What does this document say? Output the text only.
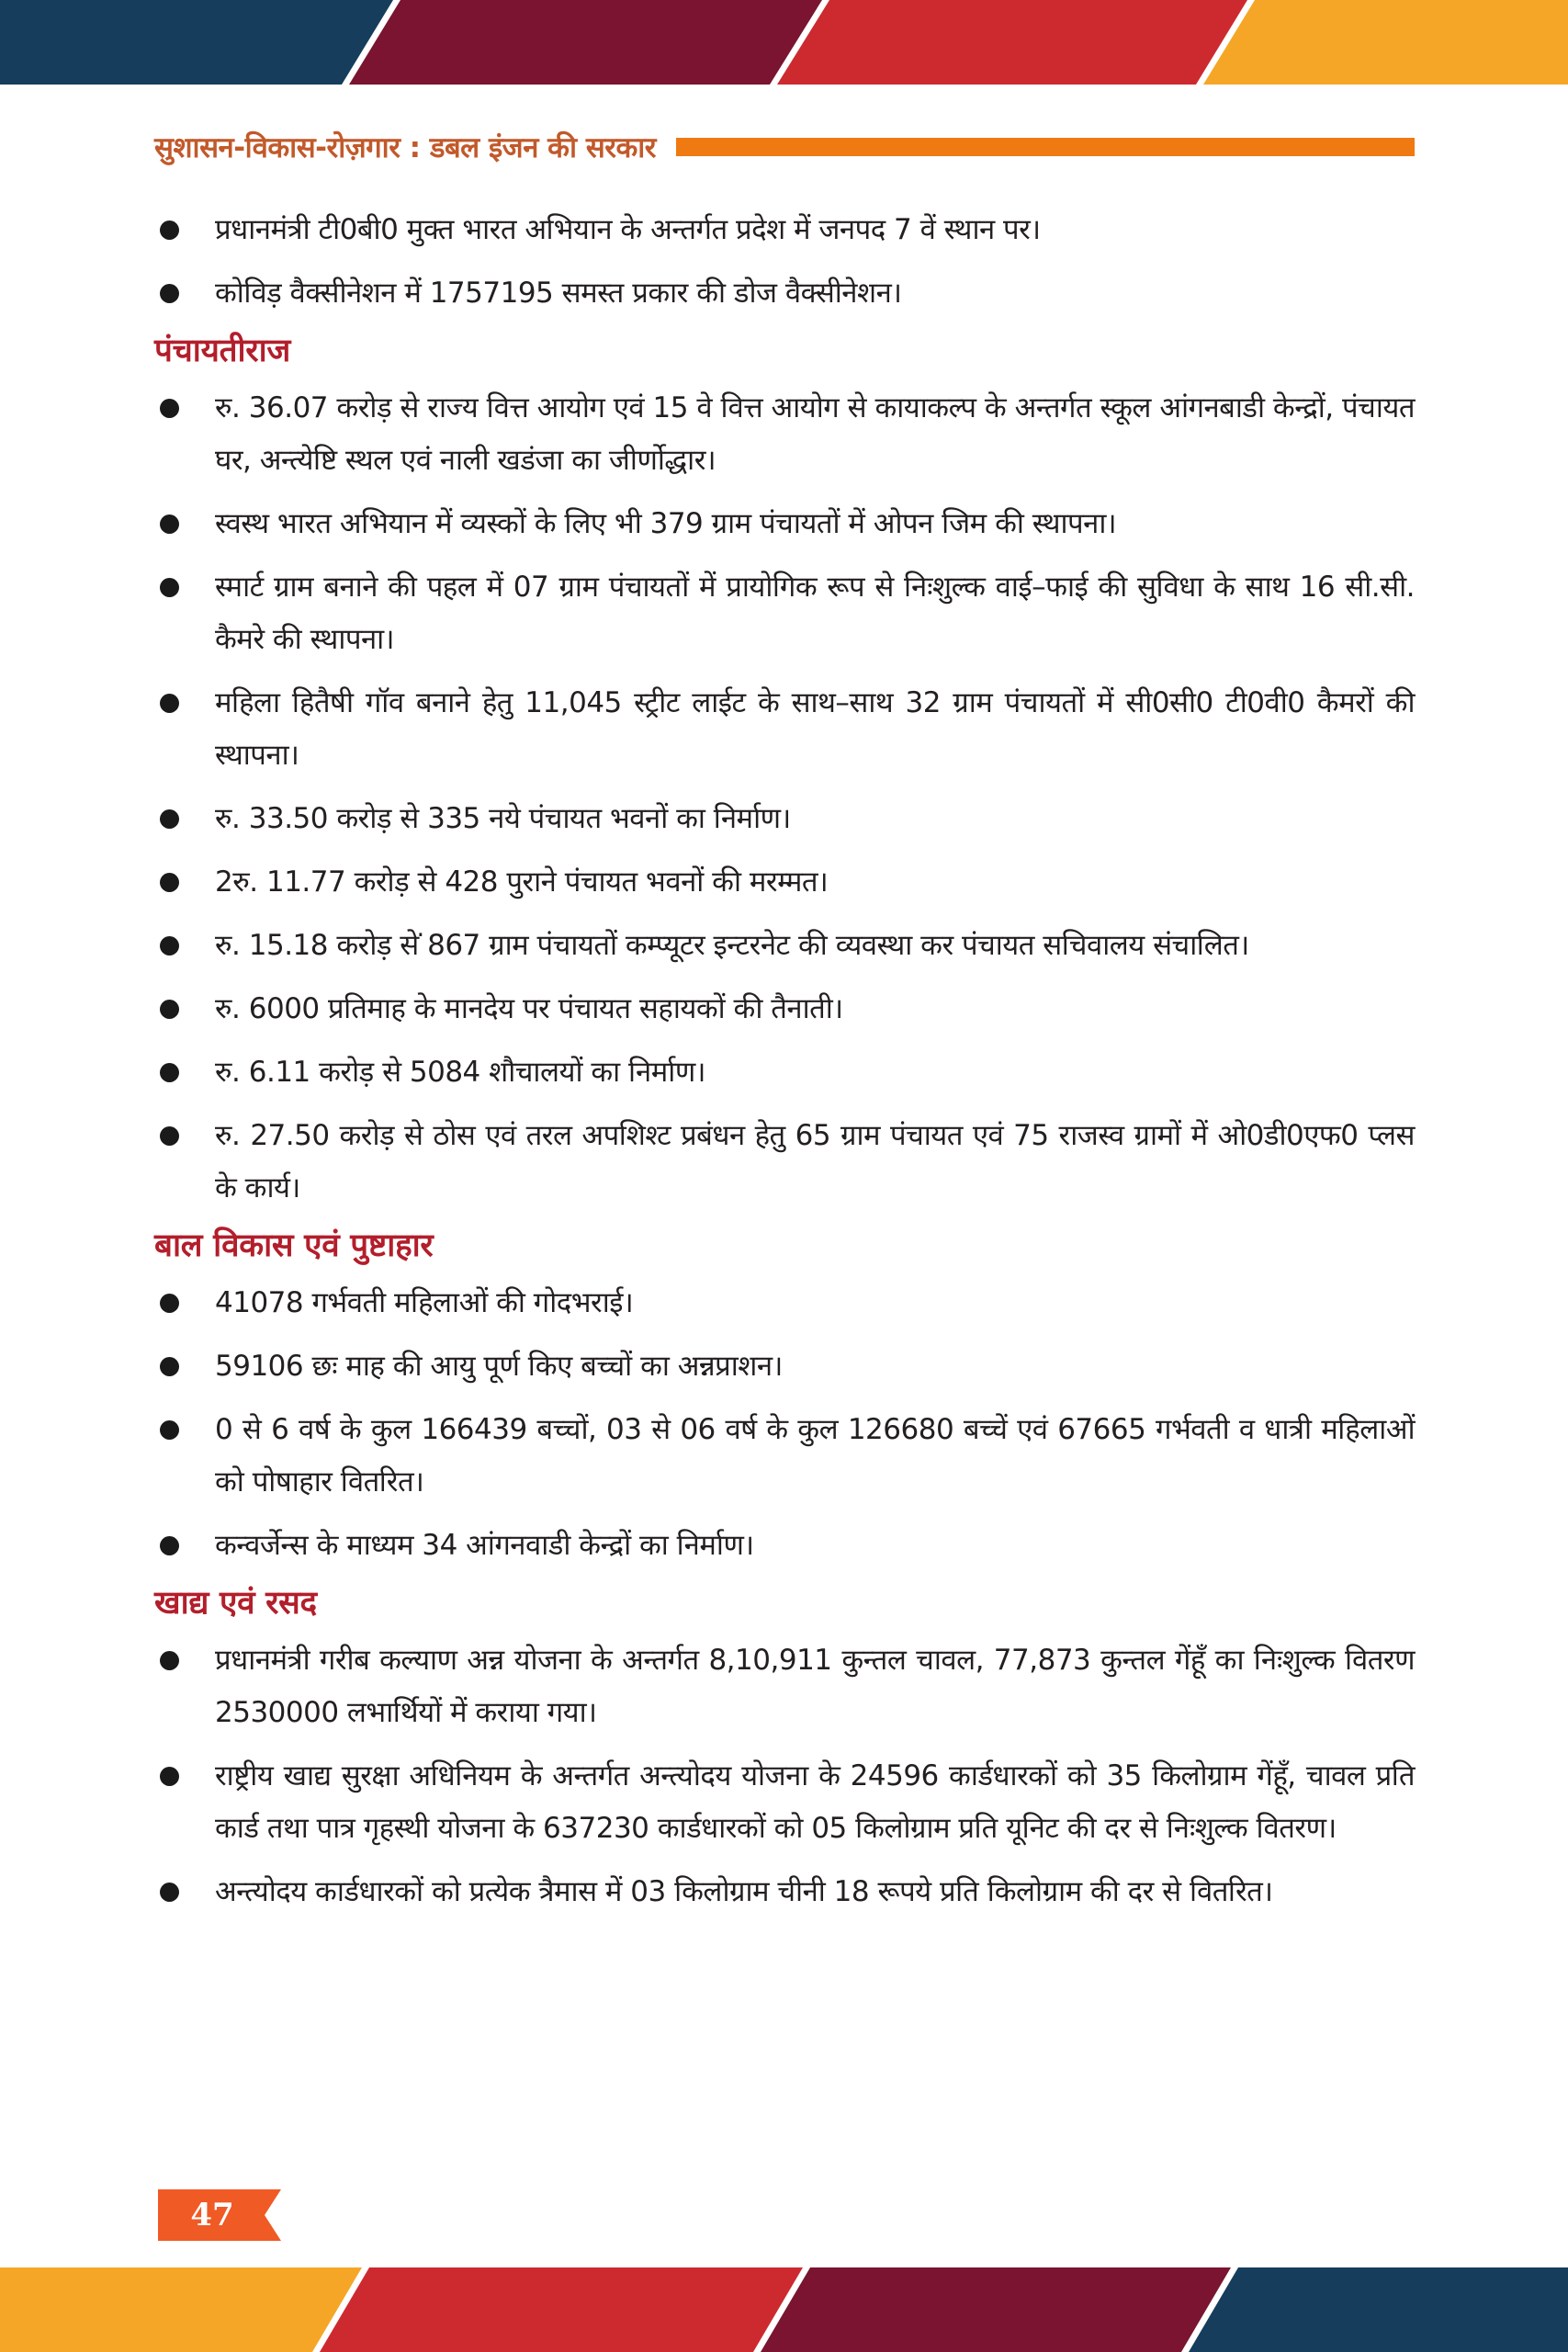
सुशासन-विकास-रोज़गार : डबल इंजन की सरकार
प्रधानमंत्री टी0बी0 मुक्त भारत अभियान के अन्तर्गत प्रदेश में जनपद 7 वें स्थान पर।
कोविड़ वैक्सीनेशन में 1757195 समस्त प्रकार की डोज वैक्सीनेशन।
पंचायतीराज
रु. 36.07 करोड़ से राज्य वित्त आयोग एवं 15 वे वित्त आयोग से कायाकल्प के अन्तर्गत स्कूल आंगनबाडी केन्द्रों, पंचायत घर, अन्त्येष्टि स्थल एवं नाली खडंजा का जीर्णोद्धार।
स्वस्थ भारत अभियान में व्यस्कों के लिए भी 379 ग्राम पंचायतों में ओपन जिम की स्थापना।
स्मार्ट ग्राम बनाने की पहल में 07 ग्राम पंचायतों में प्रायोगिक रूप से निःशुल्क वाई–फाई की सुविधा के साथ 16 सी.सी. कैमरे की स्थापना।
महिला हितैषी गॉव बनाने हेतु 11,045 स्ट्रीट लाईट के साथ–साथ 32 ग्राम पंचायतों में सी0सी0 टी0वी0 कैमरों की स्थापना।
रु. 33.50 करोड़ से 335 नये पंचायत भवनों का निर्माण।
2रु. 11.77 करोड़ से 428 पुराने पंचायत भवनों की मरम्मत।
रु. 15.18 करोड़ से ̇867 ग्राम पंचायतों कम्प्यूटर इन्टरनेट की व्यवस्था कर पंचायत सचिवालय संचालित।
रु. 6000 प्रतिमाह के मानदेय पर पंचायत सहायकों की तैनाती।
रु. 6.11 करोड़ से 5084 शौचालयों का निर्माण।
रु. 27.50 करोड़ से ठोस एवं तरल अपशिश्ट प्रबंधन हेतु 65 ग्राम पंचायत एवं 75 राजस्व ग्रामों में ओ0डी0एफ0 प्लस के कार्य।
बाल विकास एवं पुष्टाहार
41078 गर्भवती महिलाओं की गोदभराई।
59106 छः माह की आयु पूर्ण किए बच्चों का अन्नप्राशन।
0 से 6 वर्ष के कुल 166439 बच्चों, 03 से 06 वर्ष के कुल 126680 बच्चें एवं 67665 गर्भवती व धात्री महिलाओं को पोषाहार वितरित।
कन्वर्जेन्स के माध्यम 34 आंगनवाडी केन्द्रों का निर्माण।
खाद्य एवं रसद
प्रधानमंत्री गरीब कल्याण अन्न योजना के अन्तर्गत 8,10,911 कुन्तल चावल, 77,873 कुन्तल गेंहूँ का निःशुल्क वितरण 2530000 लभार्थियों में कराया गया।
राष्ट्रीय खाद्य सुरक्षा अधिनियम के अन्तर्गत अन्त्योदय योजना के 24596 कार्डधारकों को 35 किलोग्राम गेंहूँ, चावल प्रति कार्ड तथा पात्र गृहस्थी योजना के 637230 कार्डधारकों को 05 किलोग्राम प्रति यूनिट की दर से निःशुल्क वितरण।
अन्त्योदय कार्डधारकों को प्रत्येक त्रैमास में 03 किलोग्राम चीनी 18 रूपये प्रति किलोग्राम की दर से वितरित।
47
